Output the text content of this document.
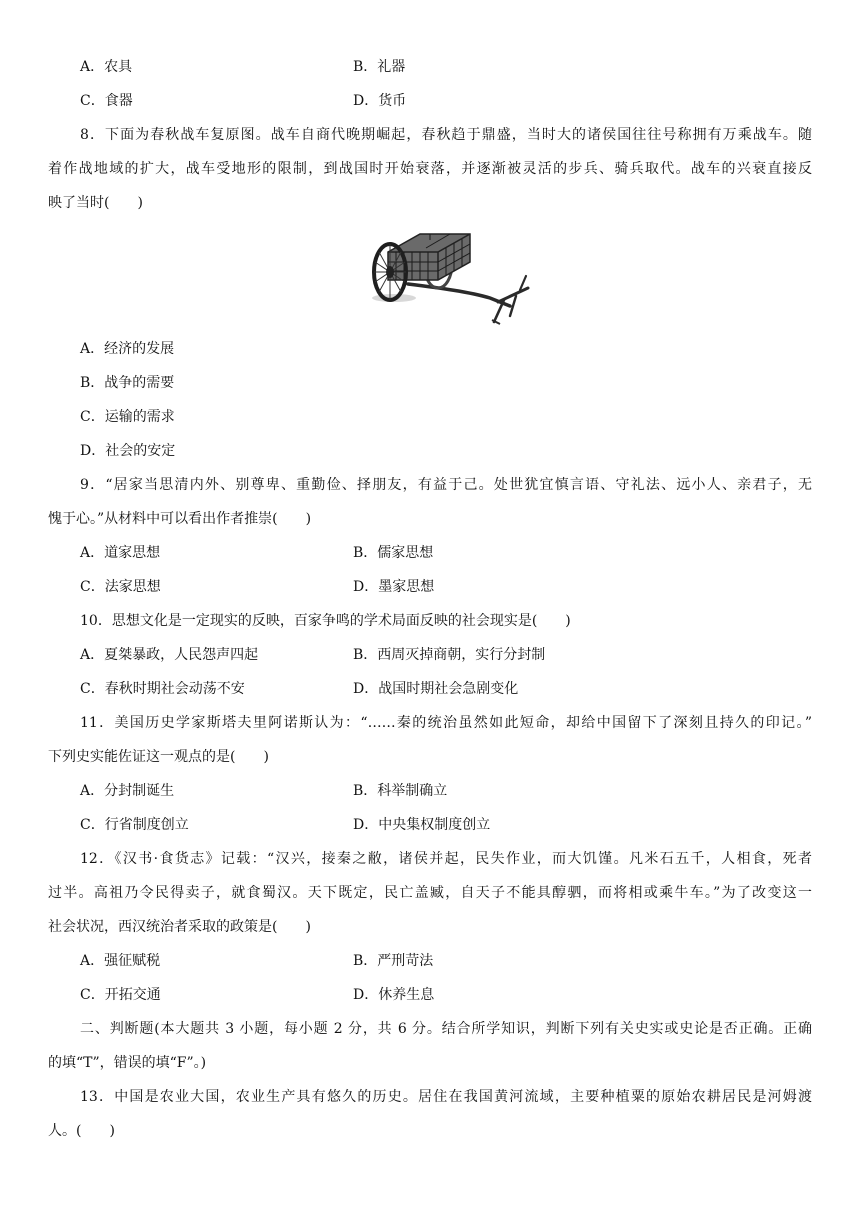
A．农具	B．礼器
C．食器	D．货币
8．下面为春秋战车复原图。战车自商代晚期崛起，春秋趋于鼎盛，当时大的诸侯国往往号称拥有万乘战车。随
着作战地域的扩大，战车受地形的限制，到战国时开始衰落，并逐渐被灵活的步兵、骑兵取代。战车的兴衰直接反
映了当时(　　)
A．经济的发展
B．战争的需要
C．运输的需求
D．社会的安定
9．“居家当思清内外、别尊卑、重勤俭、择朋友，有益于己。处世犹宜慎言语、守礼法、远小人、亲君子，无
愧于心。”从材料中可以看出作者推崇(　　)
A．道家思想	B．儒家思想
C．法家思想	D．墨家思想
10．思想文化是一定现实的反映，百家争鸣的学术局面反映的社会现实是(　　)
A．夏桀暴政，人民怨声四起	B．西周灭掉商朝，实行分封制
C．春秋时期社会动荡不安	D．战国时期社会急剧变化
11．美国历史学家斯塔夫里阿诺斯认为：“……秦的统治虽然如此短命，却给中国留下了深刻且持久的印记。”
下列史实能佐证这一观点的是(　　)
A．分封制诞生	B．科举制确立
C．行省制度创立	D．中央集权制度创立
12．《汉书·食货志》记载：“汉兴，接秦之敝，诸侯并起，民失作业，而大饥馑。凡米石五千，人相食，死者
过半。高祖乃令民得卖子，就食蜀汉。天下既定，民亡盖臧，自天子不能具醇驷，而将相或乘牛车。”为了改变这一
社会状况，西汉统治者采取的政策是(　　)
A．强征赋税	B．严刑苛法
C．开拓交通	D．休养生息
二、判断题(本大题共 3 小题，每小题 2 分，共 6 分。结合所学知识，判断下列有关史实或史论是否正确。正确
的填“T”，错误的填“F”。)
13．中国是农业大国，农业生产具有悠久的历史。居住在我国黄河流域，主要种植粟的原始农耕居民是河姆渡
人。(　　)
